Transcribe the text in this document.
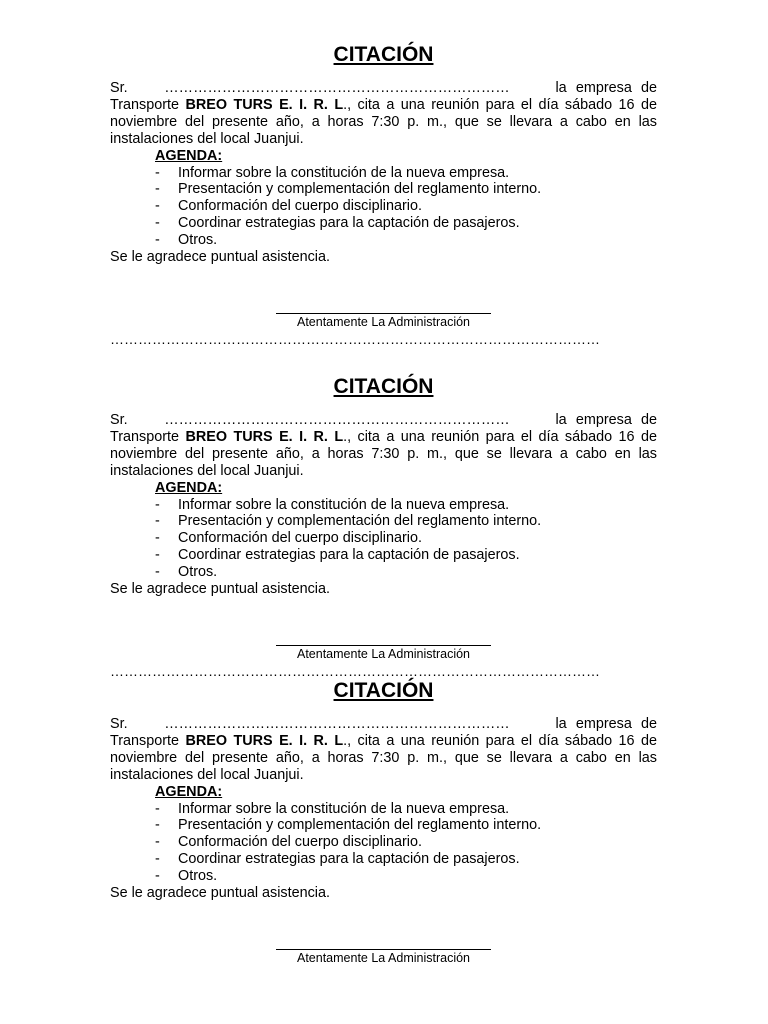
CITACIÓN

Sr.	………………………………………………………………	la empresa de Transporte BREO TURS E. I. R. L., cita a una reunión para el día sábado 16 de noviembre del presente año, a horas 7:30 p. m., que se llevara a cabo en las instalaciones del local Juanjui.

AGENDA:

- Informar sobre la constitución de la nueva empresa.
- Presentación y complementación del reglamento interno.
- Conformación del cuerpo disciplinario.
- Coordinar estrategias para la captación de pasajeros.
- Otros.

Se le agradece puntual asistencia.

Atentamente La Administración
……………………………………………………………………………………………
CITACIÓN

Sr.	………………………………………………………………	la empresa de Transporte BREO TURS E. I. R. L., cita a una reunión para el día sábado 16 de noviembre del presente año, a horas 7:30 p. m., que se llevara a cabo en las instalaciones del local Juanjui.

AGENDA:

- Informar sobre la constitución de la nueva empresa.
- Presentación y complementación del reglamento interno.
- Conformación del cuerpo disciplinario.
- Coordinar estrategias para la captación de pasajeros.
- Otros.

Se le agradece puntual asistencia.

Atentamente La Administración
……………………………………………………………………………………………
CITACIÓN

Sr.	………………………………………………………………	la empresa de Transporte BREO TURS E. I. R. L., cita a una reunión para el día sábado 16 de noviembre del presente año, a horas 7:30 p. m., que se llevara a cabo en las instalaciones del local Juanjui.

AGENDA:

- Informar sobre la constitución de la nueva empresa.
- Presentación y complementación del reglamento interno.
- Conformación del cuerpo disciplinario.
- Coordinar estrategias para la captación de pasajeros.
- Otros.

Se le agradece puntual asistencia.

Atentamente La Administración
